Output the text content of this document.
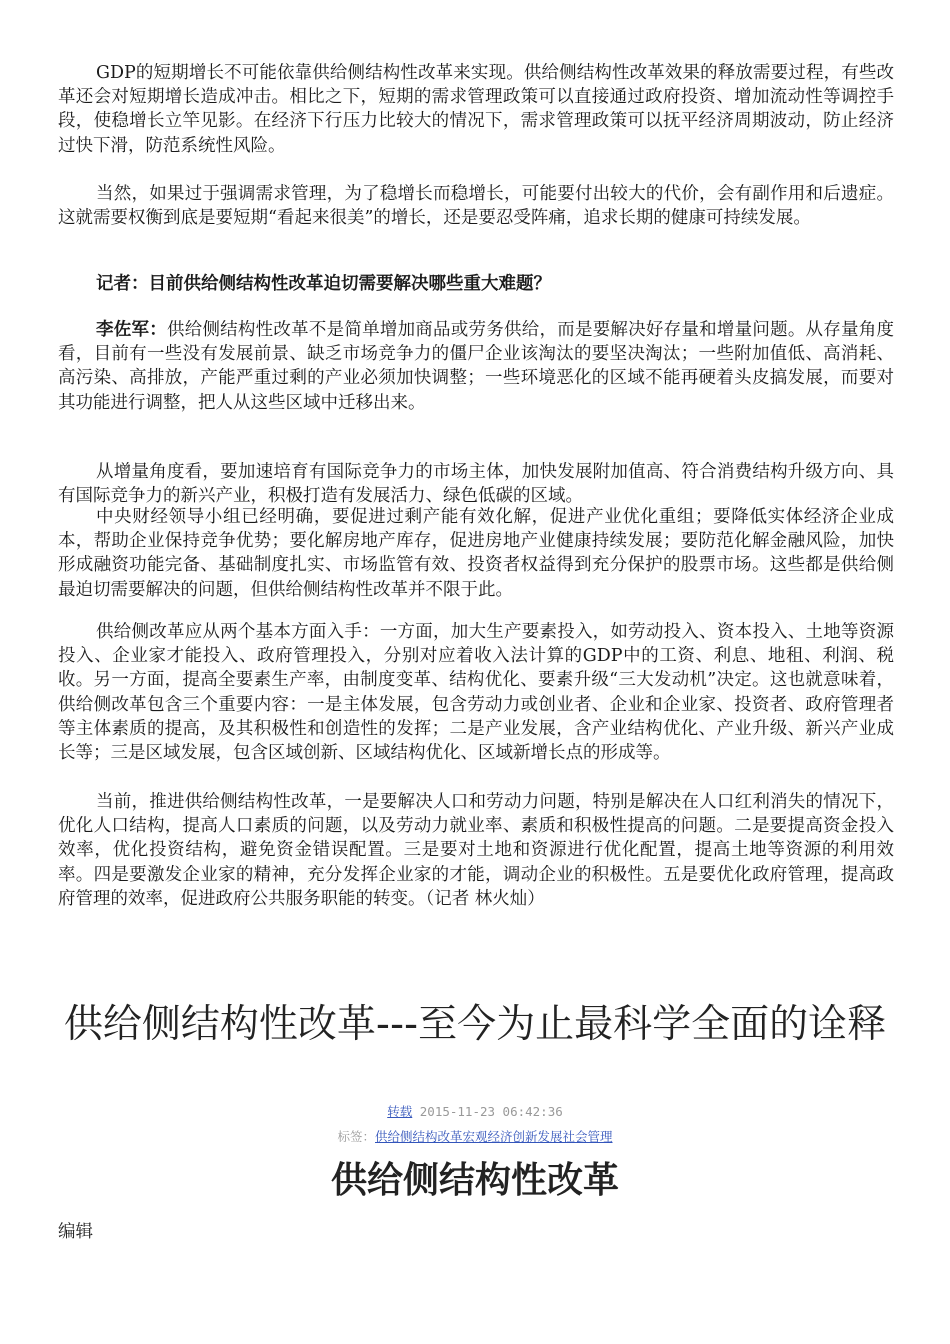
GDP的短期增长不可能依靠供给侧结构性改革来实现。供给侧结构性改革效果的释放需要过程，有些改革还会对短期增长造成冲击。相比之下，短期的需求管理政策可以直接通过政府投资、增加流动性等调控手段，使稳增长立竿见影。在经济下行压力比较大的情况下，需求管理政策可以抚平经济周期波动，防止经济过快下滑，防范系统性风险。

当然，如果过于强调需求管理，为了稳增长而稳增长，可能要付出较大的代价，会有副作用和后遗症。这就需要权衡到底是要短期“看起来很美”的增长，还是要忍受阵痛，追求长期的健康可持续发展。

记者：目前供给侧结构性改革迫切需要解决哪些重大难题？

李佐军：供给侧结构性改革不是简单增加商品或劳务供给，而是要解决好存量和增量问题。从存量角度看，目前有一些没有发展前景、缺乏市场竞争力的僵尸企业该淘汰的要坚决淘汰；一些附加值低、高消耗、高污染、高排放，产能严重过剩的产业必须加快调整；一些环境恶化的区域不能再硬着头皮搞发展，而要对其功能进行调整，把人从这些区域中迁移出来。

从增量角度看，要加速培育有国际竞争力的市场主体，加快发展附加值高、符合消费结构升级方向、具有国际竞争力的新兴产业，积极打造有发展活力、绿色低碳的区域。

中央财经领导小组已经明确，要促进过剩产能有效化解，促进产业优化重组；要降低实体经济企业成本，帮助企业保持竞争优势；要化解房地产库存，促进房地产业健康持续发展；要防范化解金融风险，加快形成融资功能完备、基础制度扎实、市场监管有效、投资者权益得到充分保护的股票市场。这些都是供给侧最迫切需要解决的问题，但供给侧结构性改革并不限于此。

供给侧改革应从两个基本方面入手：一方面，加大生产要素投入，如劳动投入、资本投入、土地等资源投入、企业家才能投入、政府管理投入，分别对应着收入法计算的GDP中的工资、利息、地租、利润、税收。另一方面，提高全要素生产率，由制度变革、结构优化、要素升级“三大发动机”决定。这也就意味着，供给侧改革包含三个重要内容：一是主体发展，包含劳动力或创业者、企业和企业家、投资者、政府管理者等主体素质的提高，及其积极性和创造性的发挥；二是产业发展，含产业结构优化、产业升级、新兴产业成长等；三是区域发展，包含区域创新、区域结构优化、区域新增长点的形成等。

当前，推进供给侧结构性改革，一是要解决人口和劳动力问题，特别是解决在人口红利消失的情况下，优化人口结构，提高人口素质的问题，以及劳动力就业率、素质和积极性提高的问题。二是要提高资金投入效率，优化投资结构，避免资金错误配置。三是要对土地和资源进行优化配置，提高土地等资源的利用效率。四是要激发企业家的精神，充分发挥企业家的才能，调动企业的积极性。五是要优化政府管理，提高政府管理的效率，促进政府公共服务职能的转变。（记者 林火灿）

供给侧结构性改革---至今为止最科学全面的诠释
转载 2015-11-23 06:42:36
标签：供给侧结构改革宏观经济创新发展社会管理
供给侧结构性改革
编辑
